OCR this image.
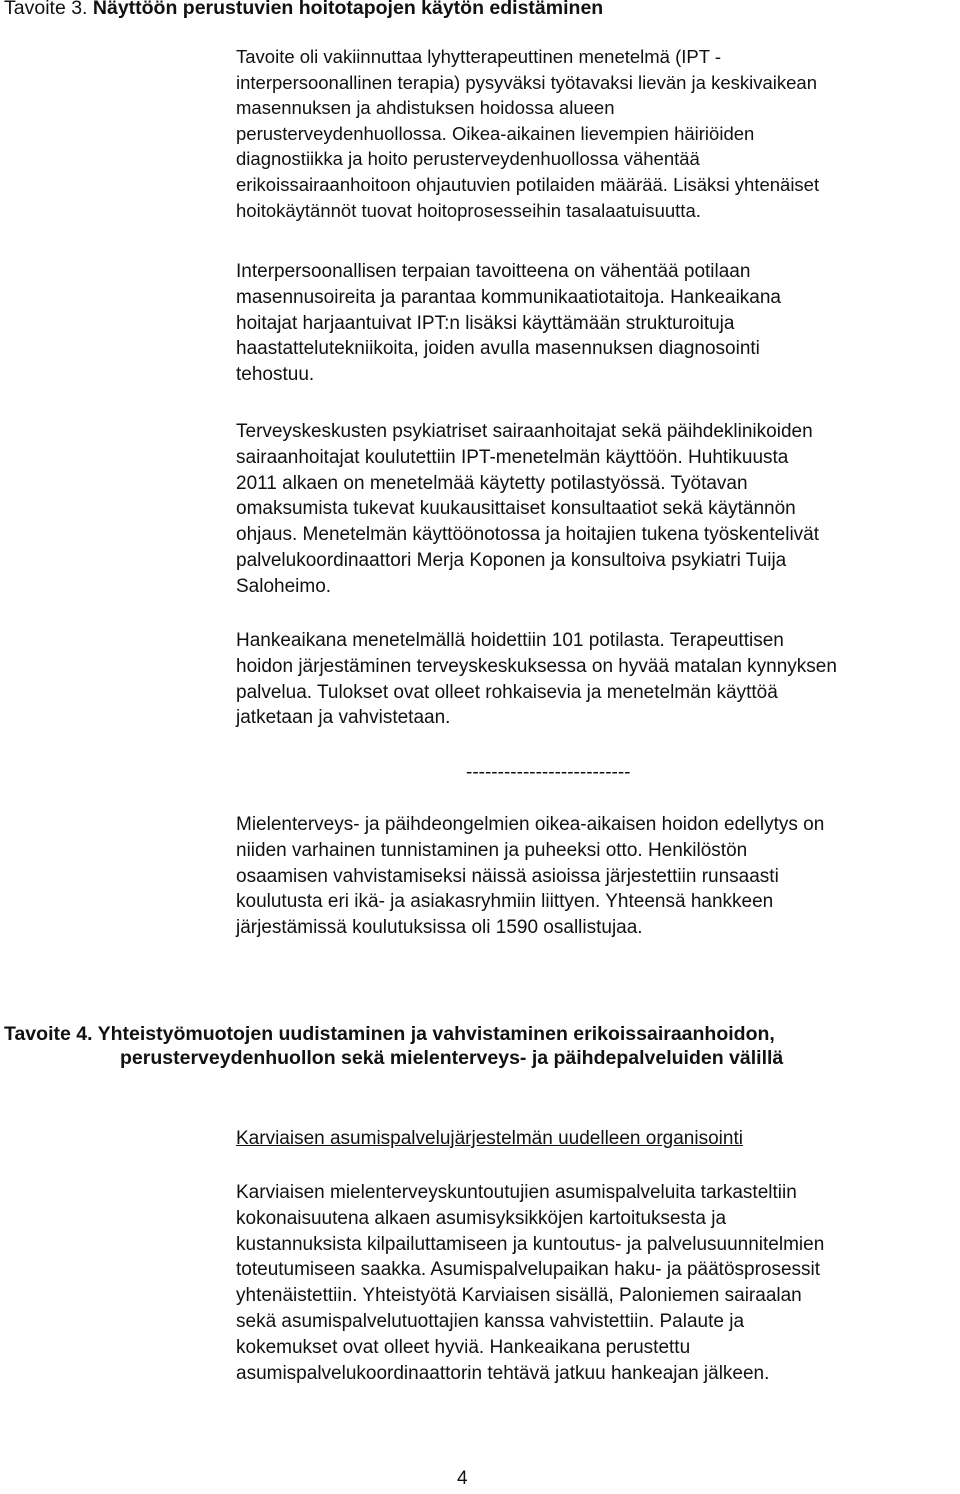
Tavoite 3. Näyttöön perustuvien hoitotapojen käytön edistäminen

Tavoite oli vakiinnuttaa lyhytterapeuttinen menetelmä (IPT -
interpersoonallinen terapia) pysyväksi työtavaksi lievän ja keskivaikean
masennuksen ja ahdistuksen hoidossa alueen
perusterveydenhuollossa. Oikea-aikainen lievempien häiriöiden
diagnostiikka ja hoito perusterveydenhuollossa vähentää
erikoissairaanhoitoon ohjautuvien potilaiden määrää. Lisäksi yhtenäiset
hoitokäytännöt tuovat hoitoprosesseihin tasalaatuisuutta.

Interpersoonallisen terpaian tavoitteena on vähentää potilaan
masennusoireita ja parantaa kommunikaatiotaitoja. Hankeaikana
hoitajat harjaantuivat IPT:n lisäksi käyttämään strukturoituja
haastattelutekniikoita, joiden avulla masennuksen diagnosointi
tehostuu.

Terveyskeskusten psykiatriset sairaanhoitajat sekä päihdeklinikoiden
sairaanhoitajat koulutettiin IPT-menetelmän käyttöön. Huhtikuusta
2011 alkaen on menetelmää käytetty potilastyössä. Työtavan
omaksumista tukevat kuukausittaiset konsultaatiot sekä käytännön
ohjaus. Menetelmän käyttöönotossa ja hoitajien tukena työskentelivät
palvelukoordinaattori Merja Koponen ja konsultoiva psykiatri Tuija
Saloheimo.

Hankeaikana menetelmällä hoidettiin 101 potilasta. Terapeuttisen
hoidon järjestäminen terveyskeskuksessa on hyvää matalan kynnyksen
palvelua. Tulokset ovat olleet rohkaisevia ja menetelmän käyttöä
jatketaan ja vahvistetaan.

--------------------------

Mielenterveys- ja päihdeongelmien oikea-aikaisen hoidon edellytys on
niiden varhainen tunnistaminen ja puheeksi otto. Henkilöstön
osaamisen vahvistamiseksi näissä asioissa järjestettiin runsaasti
koulutusta eri ikä- ja asiakasryhmiin liittyen. Yhteensä hankkeen
järjestämissä koulutuksissa oli 1590 osallistujaa.

Tavoite 4. Yhteistyömuotojen uudistaminen ja vahvistaminen erikoissairaanhoidon,
perusterveydenhuollon sekä mielenterveys- ja päihdepalveluiden välillä
Karviaisen asumispalvelujärjestelmän uudelleen organisointi

Karviaisen mielenterveyskuntoutujien asumispalveluita tarkasteltiin
kokonaisuutena alkaen asumisyksikköjen kartoituksesta ja
kustannuksista kilpailuttamiseen ja kuntoutus- ja palvelusuunnitelmien
toteutumiseen saakka. Asumispalvelupaikan haku- ja päätösprosessit
yhtenäistettiin. Yhteistyötä Karviaisen sisällä, Paloniemen sairaalan
sekä asumispalvelutuottajien kanssa vahvistettiin. Palaute ja
kokemukset ovat olleet hyviä. Hankeaikana perustettu
asumispalvelukoordinaattorin tehtävä jatkuu hankeajan jälkeen.

4
